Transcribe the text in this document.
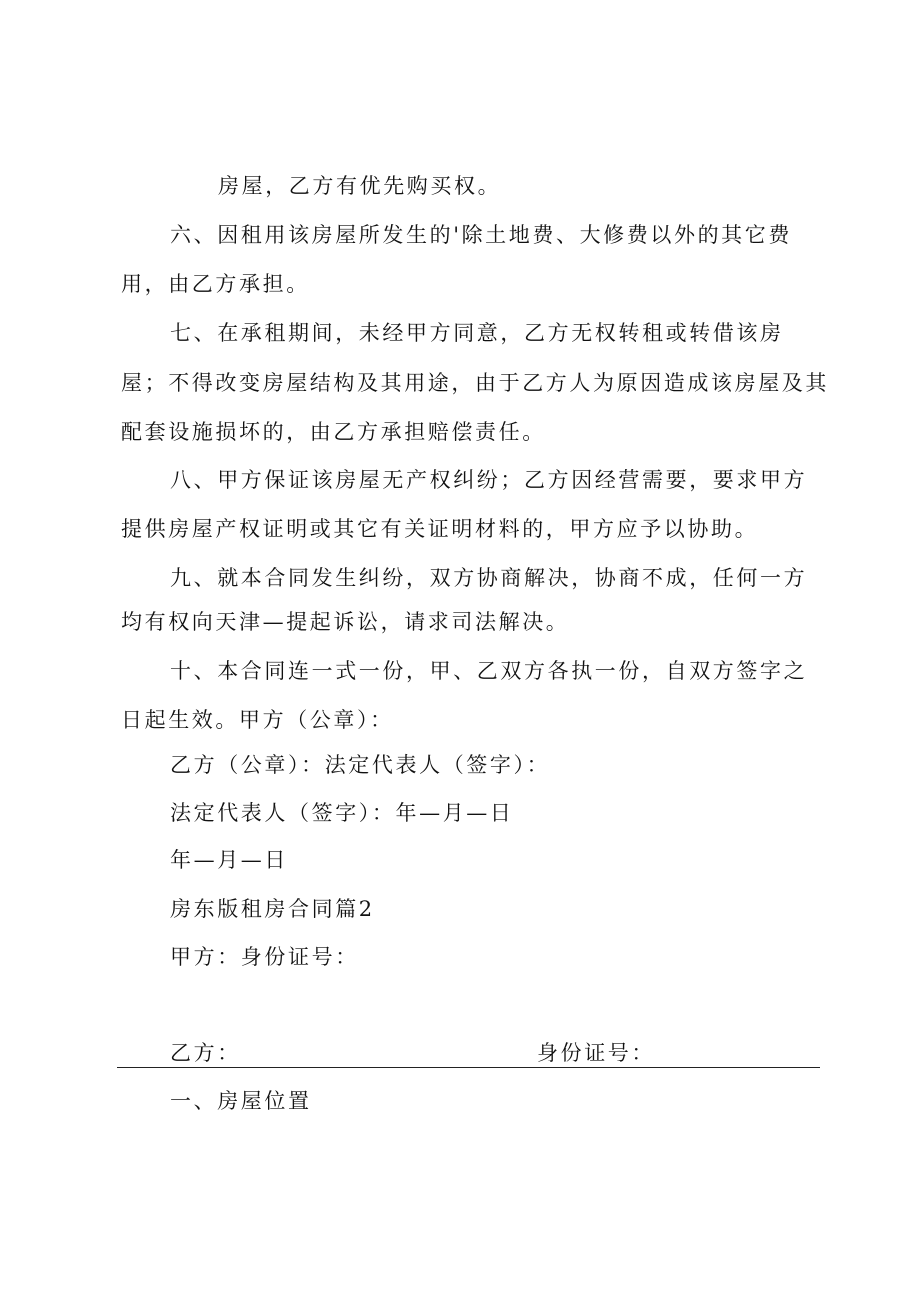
房屋，乙方有优先购买权。

六、因租用该房屋所发生的'除土地费、大修费以外的其它费

用，由乙方承担。

七、在承租期间，未经甲方同意，乙方无权转租或转借该房

屋；不得改变房屋结构及其用途，由于乙方人为原因造成该房屋及其

配套设施损坏的，由乙方承担赔偿责任。

八、甲方保证该房屋无产权纠纷；乙方因经营需要，要求甲方

提供房屋产权证明或其它有关证明材料的，甲方应予以协助。

九、就本合同发生纠纷，双方协商解决，协商不成，任何一方

均有权向天津—提起诉讼，请求司法解决。

十、本合同连一式一份，甲、乙双方各执一份，自双方签字之

日起生效。甲方（公章）：

乙方（公章）：法定代表人（签字）：

法定代表人（签字）：年—月—日

年—月—日

房东版租房合同篇2

甲方：身份证号：

乙方：	身份证号：

一、房屋位置
